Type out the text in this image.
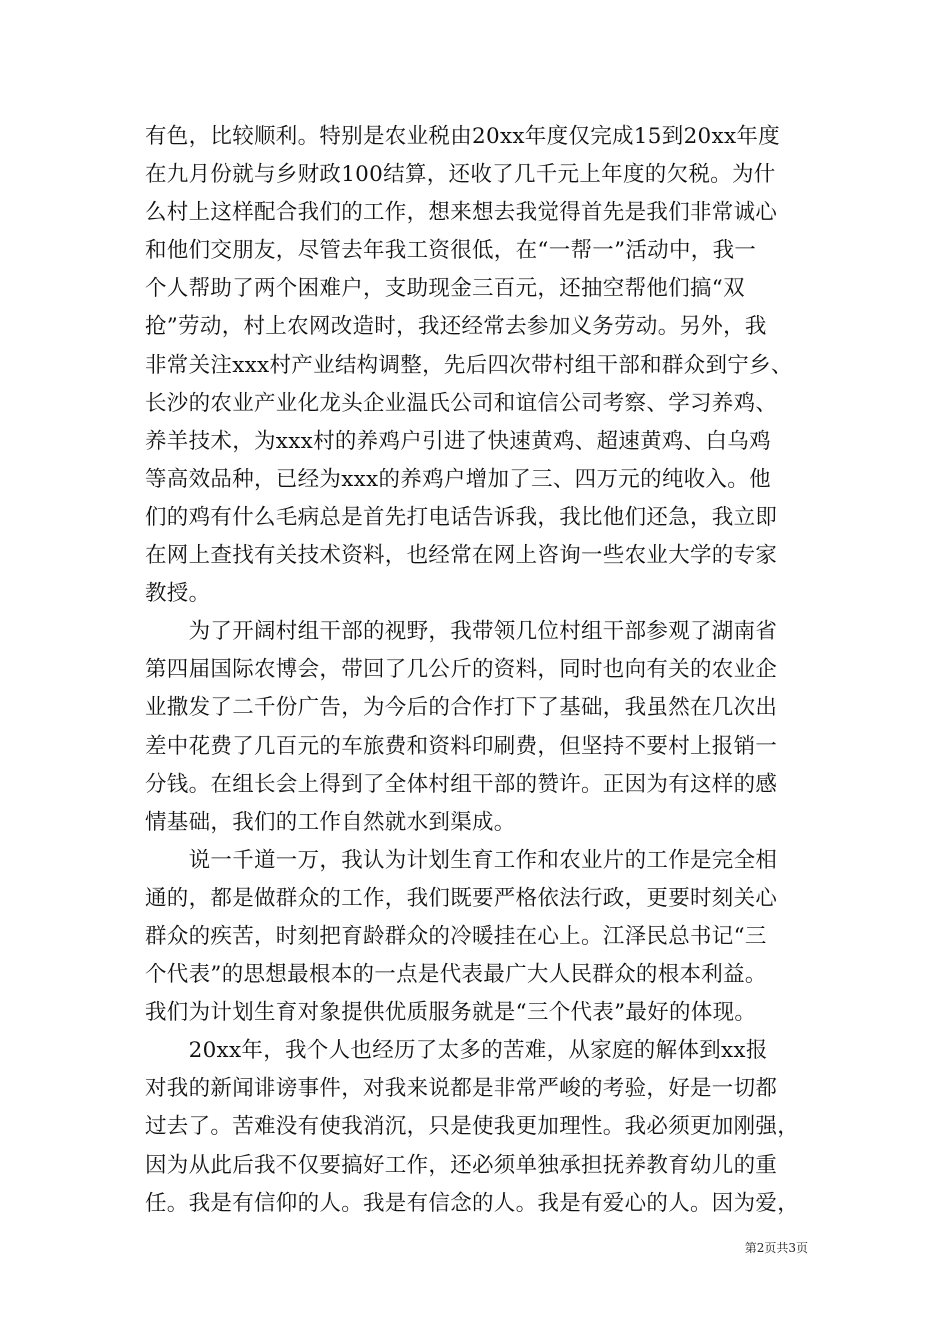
有色，比较顺利。特别是农业税由20xx年度仅完成15到20xx年度
在九月份就与乡财政100结算，还收了几千元上年度的欠税。为什
么村上这样配合我们的工作，想来想去我觉得首先是我们非常诚心
和他们交朋友，尽管去年我工资很低，在“一帮一”活动中，我一
个人帮助了两个困难户，支助现金三百元，还抽空帮他们搞“双
抢”劳动，村上农网改造时，我还经常去参加义务劳动。另外，我
非常关注xxx村产业结构调整，先后四次带村组干部和群众到宁乡、
长沙的农业产业化龙头企业温氏公司和谊信公司考察、学习养鸡、
养羊技术，为xxx村的养鸡户引进了快速黄鸡、超速黄鸡、白乌鸡
等高效品种，已经为xxx的养鸡户增加了三、四万元的纯收入。他
们的鸡有什么毛病总是首先打电话告诉我，我比他们还急，我立即
在网上查找有关技术资料，也经常在网上咨询一些农业大学的专家
教授。
　　为了开阔村组干部的视野，我带领几位村组干部参观了湖南省
第四届国际农博会，带回了几公斤的资料，同时也向有关的农业企
业撒发了二千份广告，为今后的合作打下了基础，我虽然在几次出
差中花费了几百元的车旅费和资料印刷费，但坚持不要村上报销一
分钱。在组长会上得到了全体村组干部的赞许。正因为有这样的感
情基础，我们的工作自然就水到渠成。
　　说一千道一万，我认为计划生育工作和农业片的工作是完全相
通的，都是做群众的工作，我们既要严格依法行政，更要时刻关心
群众的疾苦，时刻把育龄群众的冷暖挂在心上。江泽民总书记“三
个代表”的思想最根本的一点是代表最广大人民群众的根本利益。
我们为计划生育对象提供优质服务就是“三个代表”最好的体现。
　　20xx年，我个人也经历了太多的苦难，从家庭的解体到xx报
对我的新闻诽谤事件，对我来说都是非常严峻的考验，好是一切都
过去了。苦难没有使我消沉，只是使我更加理性。我必须更加刚强，
因为从此后我不仅要搞好工作，还必须单独承担抚养教育幼儿的重
任。我是有信仰的人。我是有信念的人。我是有爱心的人。因为爱，
第2页共3页
